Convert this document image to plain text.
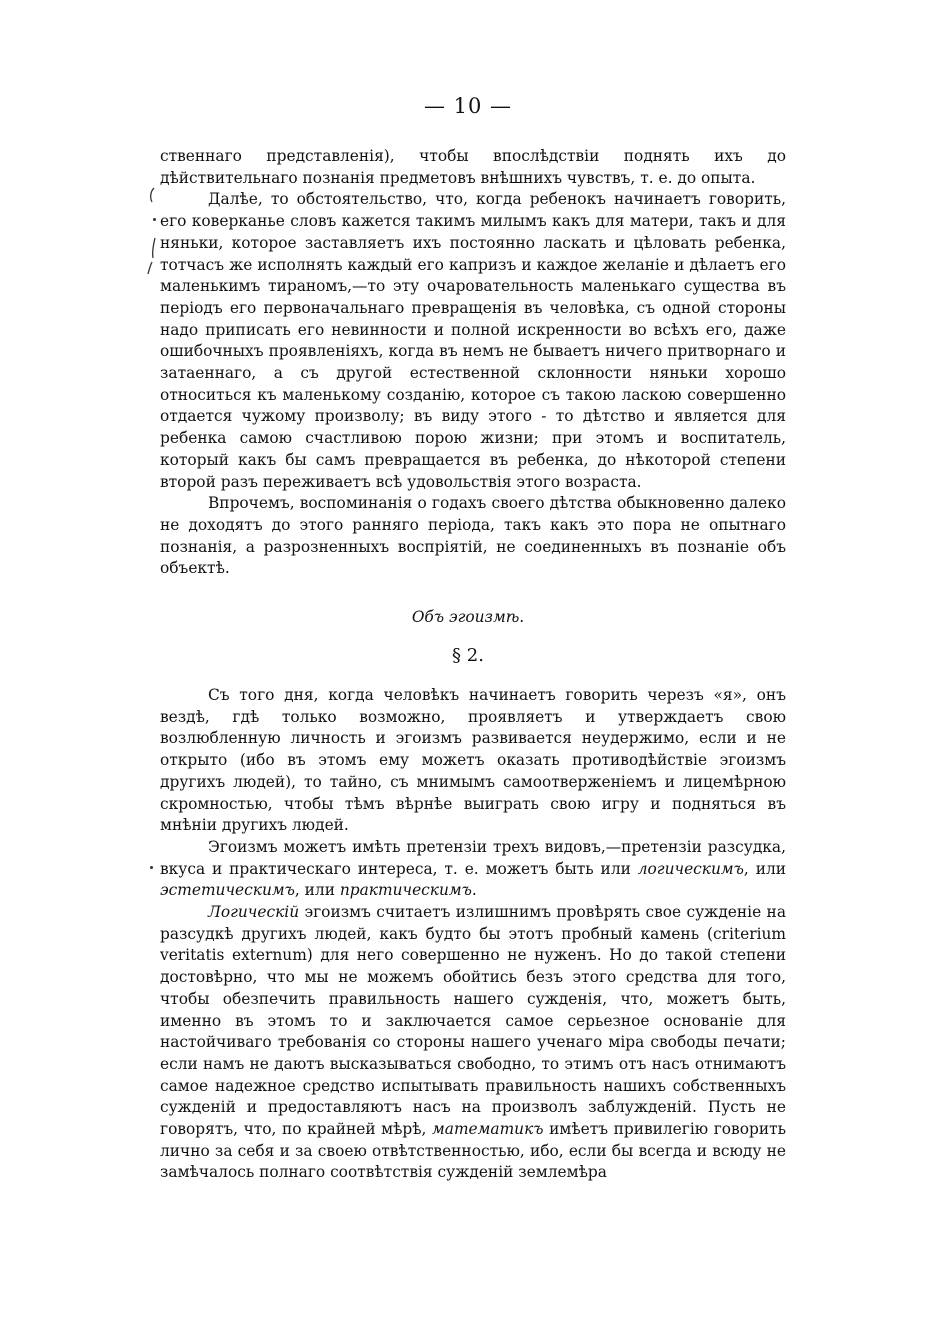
— 10 —

ственнаго представленія), чтобы впослѣдствіи поднять ихъ до дѣйствительнаго познанія предметовъ внѣшнихъ чувствъ, т. е. до опыта.

Далѣе, то обстоятельство, что, когда ребенокъ начинаетъ говорить, его коверканье словъ кажется такимъ милымъ какъ для матери, такъ и для няньки, которое заставляетъ ихъ постоянно ласкать и цѣловать ребенка, тотчасъ же исполнять каждый его капризъ и каждое желаніе и дѣлаетъ его маленькимъ тираномъ,—то эту очаровательность маленькаго существа въ періодъ его первоначальнаго превращенія въ человѣка, съ одной стороны надо приписать его невинности и полной искренности во всѣхъ его, даже ошибочныхъ проявленіяхъ, когда въ немъ не бываетъ ничего притворнаго и затаеннаго, а съ другой естественной склонности няньки хорошо относиться къ маленькому созданію, которое съ такою ласкою совершенно отдается чужому произволу; въ виду этого - то дѣтство и является для ребенка самою счастливою порою жизни; при этомъ и воспитатель, который какъ бы самъ превращается въ ребенка, до нѣкоторой степени второй разъ переживаетъ всѣ удовольствія этого возраста.

Впрочемъ, воспоминанія о годахъ своего дѣтства обыкновенно далеко не доходятъ до этого ранняго періода, такъ какъ это пора не опытнаго познанія, а разрозненныхъ воспріятій, не соединенныхъ въ познаніе объ объектѣ.

Объ эгоизмѣ.
§ 2.

Съ того дня, когда человѣкъ начинаетъ говорить черезъ «я», онъ вездѣ, гдѣ только возможно, проявляетъ и утверждаетъ свою возлюбленную личность и эгоизмъ развивается неудержимо, если и не открыто (ибо въ этомъ ему можетъ оказать противодѣйствіе эгоизмъ другихъ людей), то тайно, съ мнимымъ самоотверженіемъ и лицемѣрною скромностью, чтобы тѣмъ вѣрнѣе выиграть свою игру и подняться въ мнѣніи другихъ людей.

Эгоизмъ можетъ имѣть претензіи трехъ видовъ,—претензіи разсудка, вкуса и практическаго интереса, т. е. можетъ быть или логическимъ, или эстетическимъ, или практическимъ.

Логическій эгоизмъ считаетъ излишнимъ провѣрять свое сужденіе на разсудкѣ другихъ людей, какъ будто бы этотъ пробный камень (criterium veritatis externum) для него совершенно не нуженъ. Но до такой степени достовѣрно, что мы не можемъ обойтись безъ этого средства для того, чтобы обезпечить правильность нашего сужденія, что, можетъ быть, именно въ этомъ то и заключается самое серьезное основаніе для настойчиваго требованія со стороны нашего ученаго міра свободы печати; если намъ не даютъ высказываться свободно, то этимъ отъ насъ отнимаютъ самое надежное средство испытывать правильность нашихъ собственныхъ сужденій и предоставляютъ насъ на произволъ заблужденій. Пусть не говорятъ, что, по крайней мѣрѣ, математикъ имѣетъ привилегію говорить лично за себя и за своею отвѣтственностью, ибо, если бы всегда и всюду не замѣчалось полнаго соотвѣтствія сужденій землемѣра
